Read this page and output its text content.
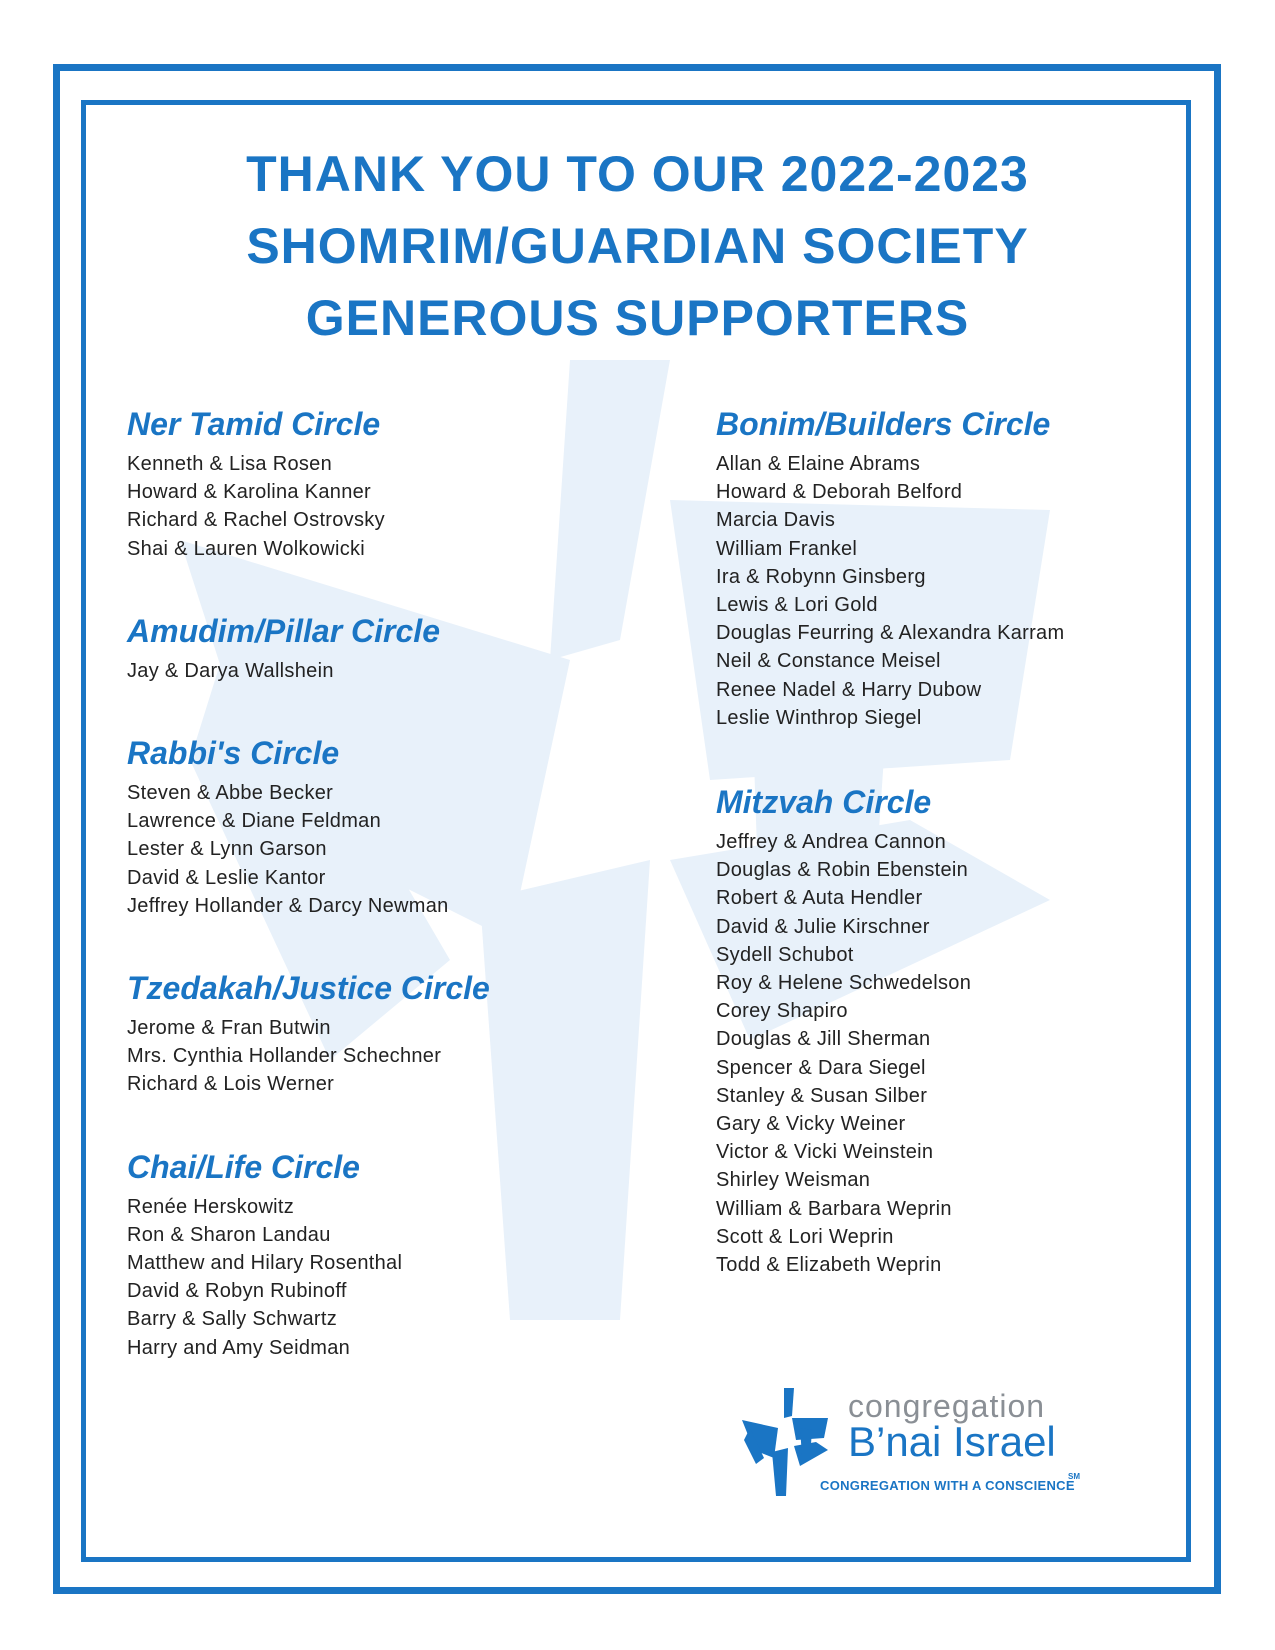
THANK YOU TO OUR 2022-2023
SHOMRIM/GUARDIAN SOCIETY
GENEROUS SUPPORTERS
Ner Tamid Circle
Kenneth & Lisa Rosen
Howard & Karolina Kanner
Richard & Rachel Ostrovsky
Shai & Lauren Wolkowicki
Amudim/Pillar Circle
Jay & Darya Wallshein
Rabbi's Circle
Steven & Abbe Becker
Lawrence & Diane Feldman
Lester & Lynn Garson
David & Leslie Kantor
Jeffrey Hollander & Darcy Newman
Tzedakah/Justice Circle
Jerome & Fran Butwin
Mrs. Cynthia Hollander Schechner
Richard & Lois Werner
Chai/Life Circle
Renée Herskowitz
Ron & Sharon Landau
Matthew and Hilary Rosenthal
David & Robyn Rubinoff
Barry & Sally Schwartz
Harry and Amy Seidman
Bonim/Builders Circle
Allan & Elaine Abrams
Howard & Deborah Belford
Marcia Davis
William Frankel
Ira & Robynn Ginsberg
Lewis & Lori Gold
Douglas Feurring & Alexandra Karram
Neil & Constance Meisel
Renee Nadel & Harry Dubow
Leslie Winthrop Siegel
Mitzvah Circle
Jeffrey & Andrea Cannon
Douglas & Robin Ebenstein
Robert & Auta Hendler
David & Julie Kirschner
Sydell Schubot
Roy & Helene Schwedelson
Corey Shapiro
Douglas & Jill Sherman
Spencer & Dara Siegel
Stanley & Susan Silber
Gary & Vicky Weiner
Victor & Vicki Weinstein
Shirley Weisman
William & Barbara Weprin
Scott & Lori Weprin
Todd & Elizabeth Weprin
congregation
B’nai Israel
CONGREGATION WITH A CONSCIENCE
SM
